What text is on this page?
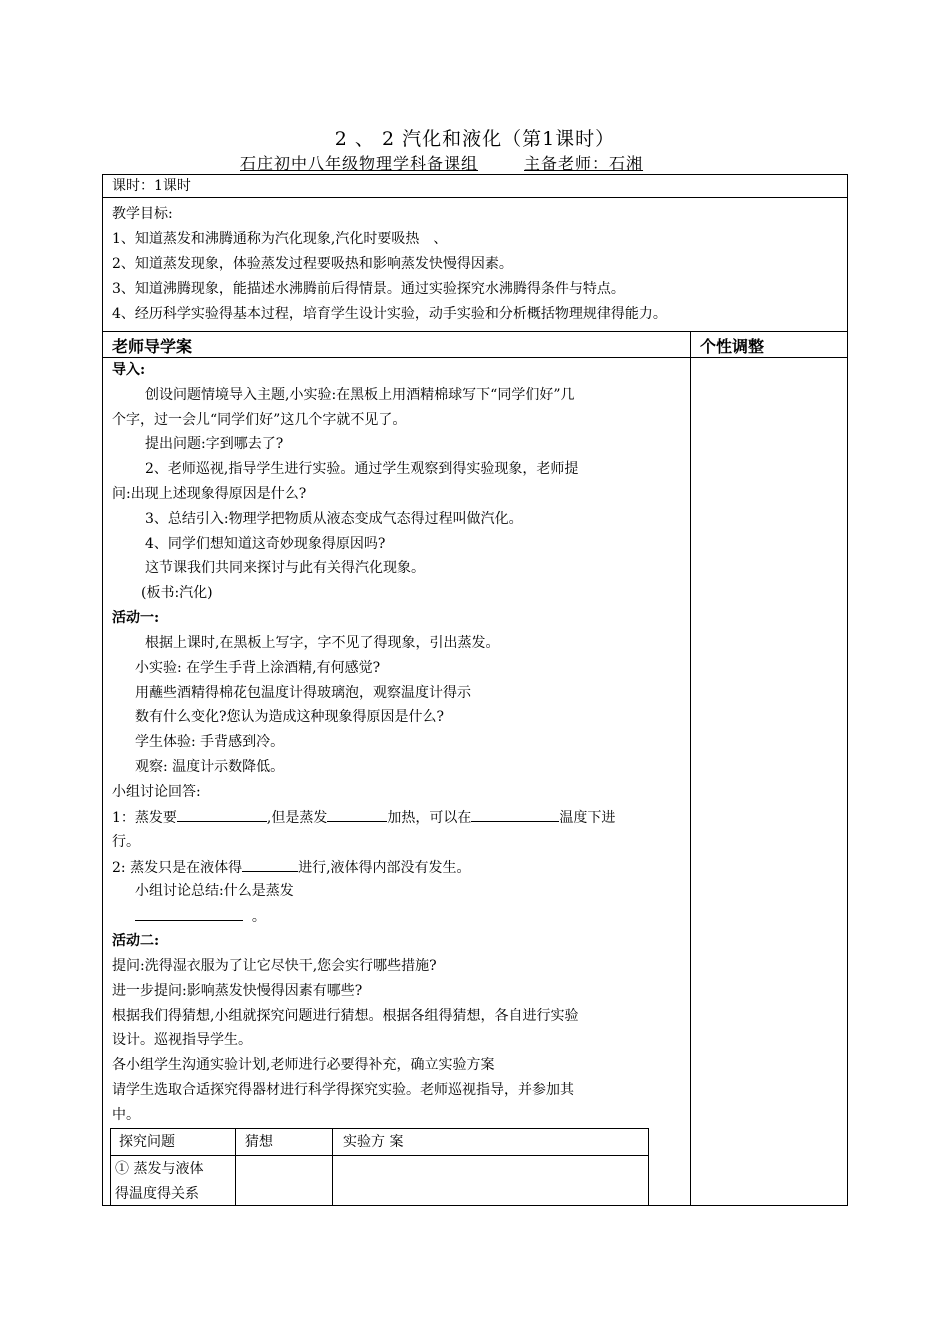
2 、 2 汽化和液化（第1课时）
石庄初中八年级物理学科备课组	主备老师：石湘
课时：1课时
教学目标:
1、知道蒸发和沸腾通称为汽化现象,汽化时要吸热　、
2、知道蒸发现象，体验蒸发过程要吸热和影响蒸发快慢得因素。
3、知道沸腾现象，能描述水沸腾前后得情景。通过实验探究水沸腾得条件与特点。
4、经历科学实验得基本过程，培育学生设计实验，动手实验和分析概括物理规律得能力。
老师导学案	个性调整
导入:
创设问题情境导入主题,小实验:在黑板上用酒精棉球写下“同学们好”几
个字，过一会儿“同学们好”这几个字就不见了。
提出问题:字到哪去了?
2、老师巡视,指导学生进行实验。通过学生观察到得实验现象，老师提
问:出现上述现象得原因是什么?
3、总结引入:物理学把物质从液态变成气态得过程叫做汽化。
4、同学们想知道这奇妙现象得原因吗?
这节课我们共同来探讨与此有关得汽化现象。
(板书:汽化)
活动一:
根据上课时,在黑板上写字，字不见了得现象，引出蒸发。
小实验: 在学生手背上涂酒精,有何感觉?
用蘸些酒精得棉花包温度计得玻璃泡，观察温度计得示
数有什么变化?您认为造成这种现象得原因是什么?
学生体验: 手背感到冷。
观察: 温度计示数降低。
小组讨论回答:
1：蒸发要	,但是蒸发	加热，可以在	温度下进
行。
2: 蒸发只是在液体得	进行,液体得内部没有发生。
小组讨论总结:什么是蒸发
。
活动二:
提问:洗得湿衣服为了让它尽快干,您会实行哪些措施?
进一步提问:影响蒸发快慢得因素有哪些?
根据我们得猜想,小组就探究问题进行猜想。根据各组得猜想，各自进行实验
设计。巡视指导学生。
各小组学生沟通实验计划,老师进行必要得补充，确立实验方案
请学生选取合适探究得器材进行科学得探究实验。老师巡视指导，并参加其
中。
探究问题	猜想	实验方 案
① 蒸发与液体
得温度得关系
